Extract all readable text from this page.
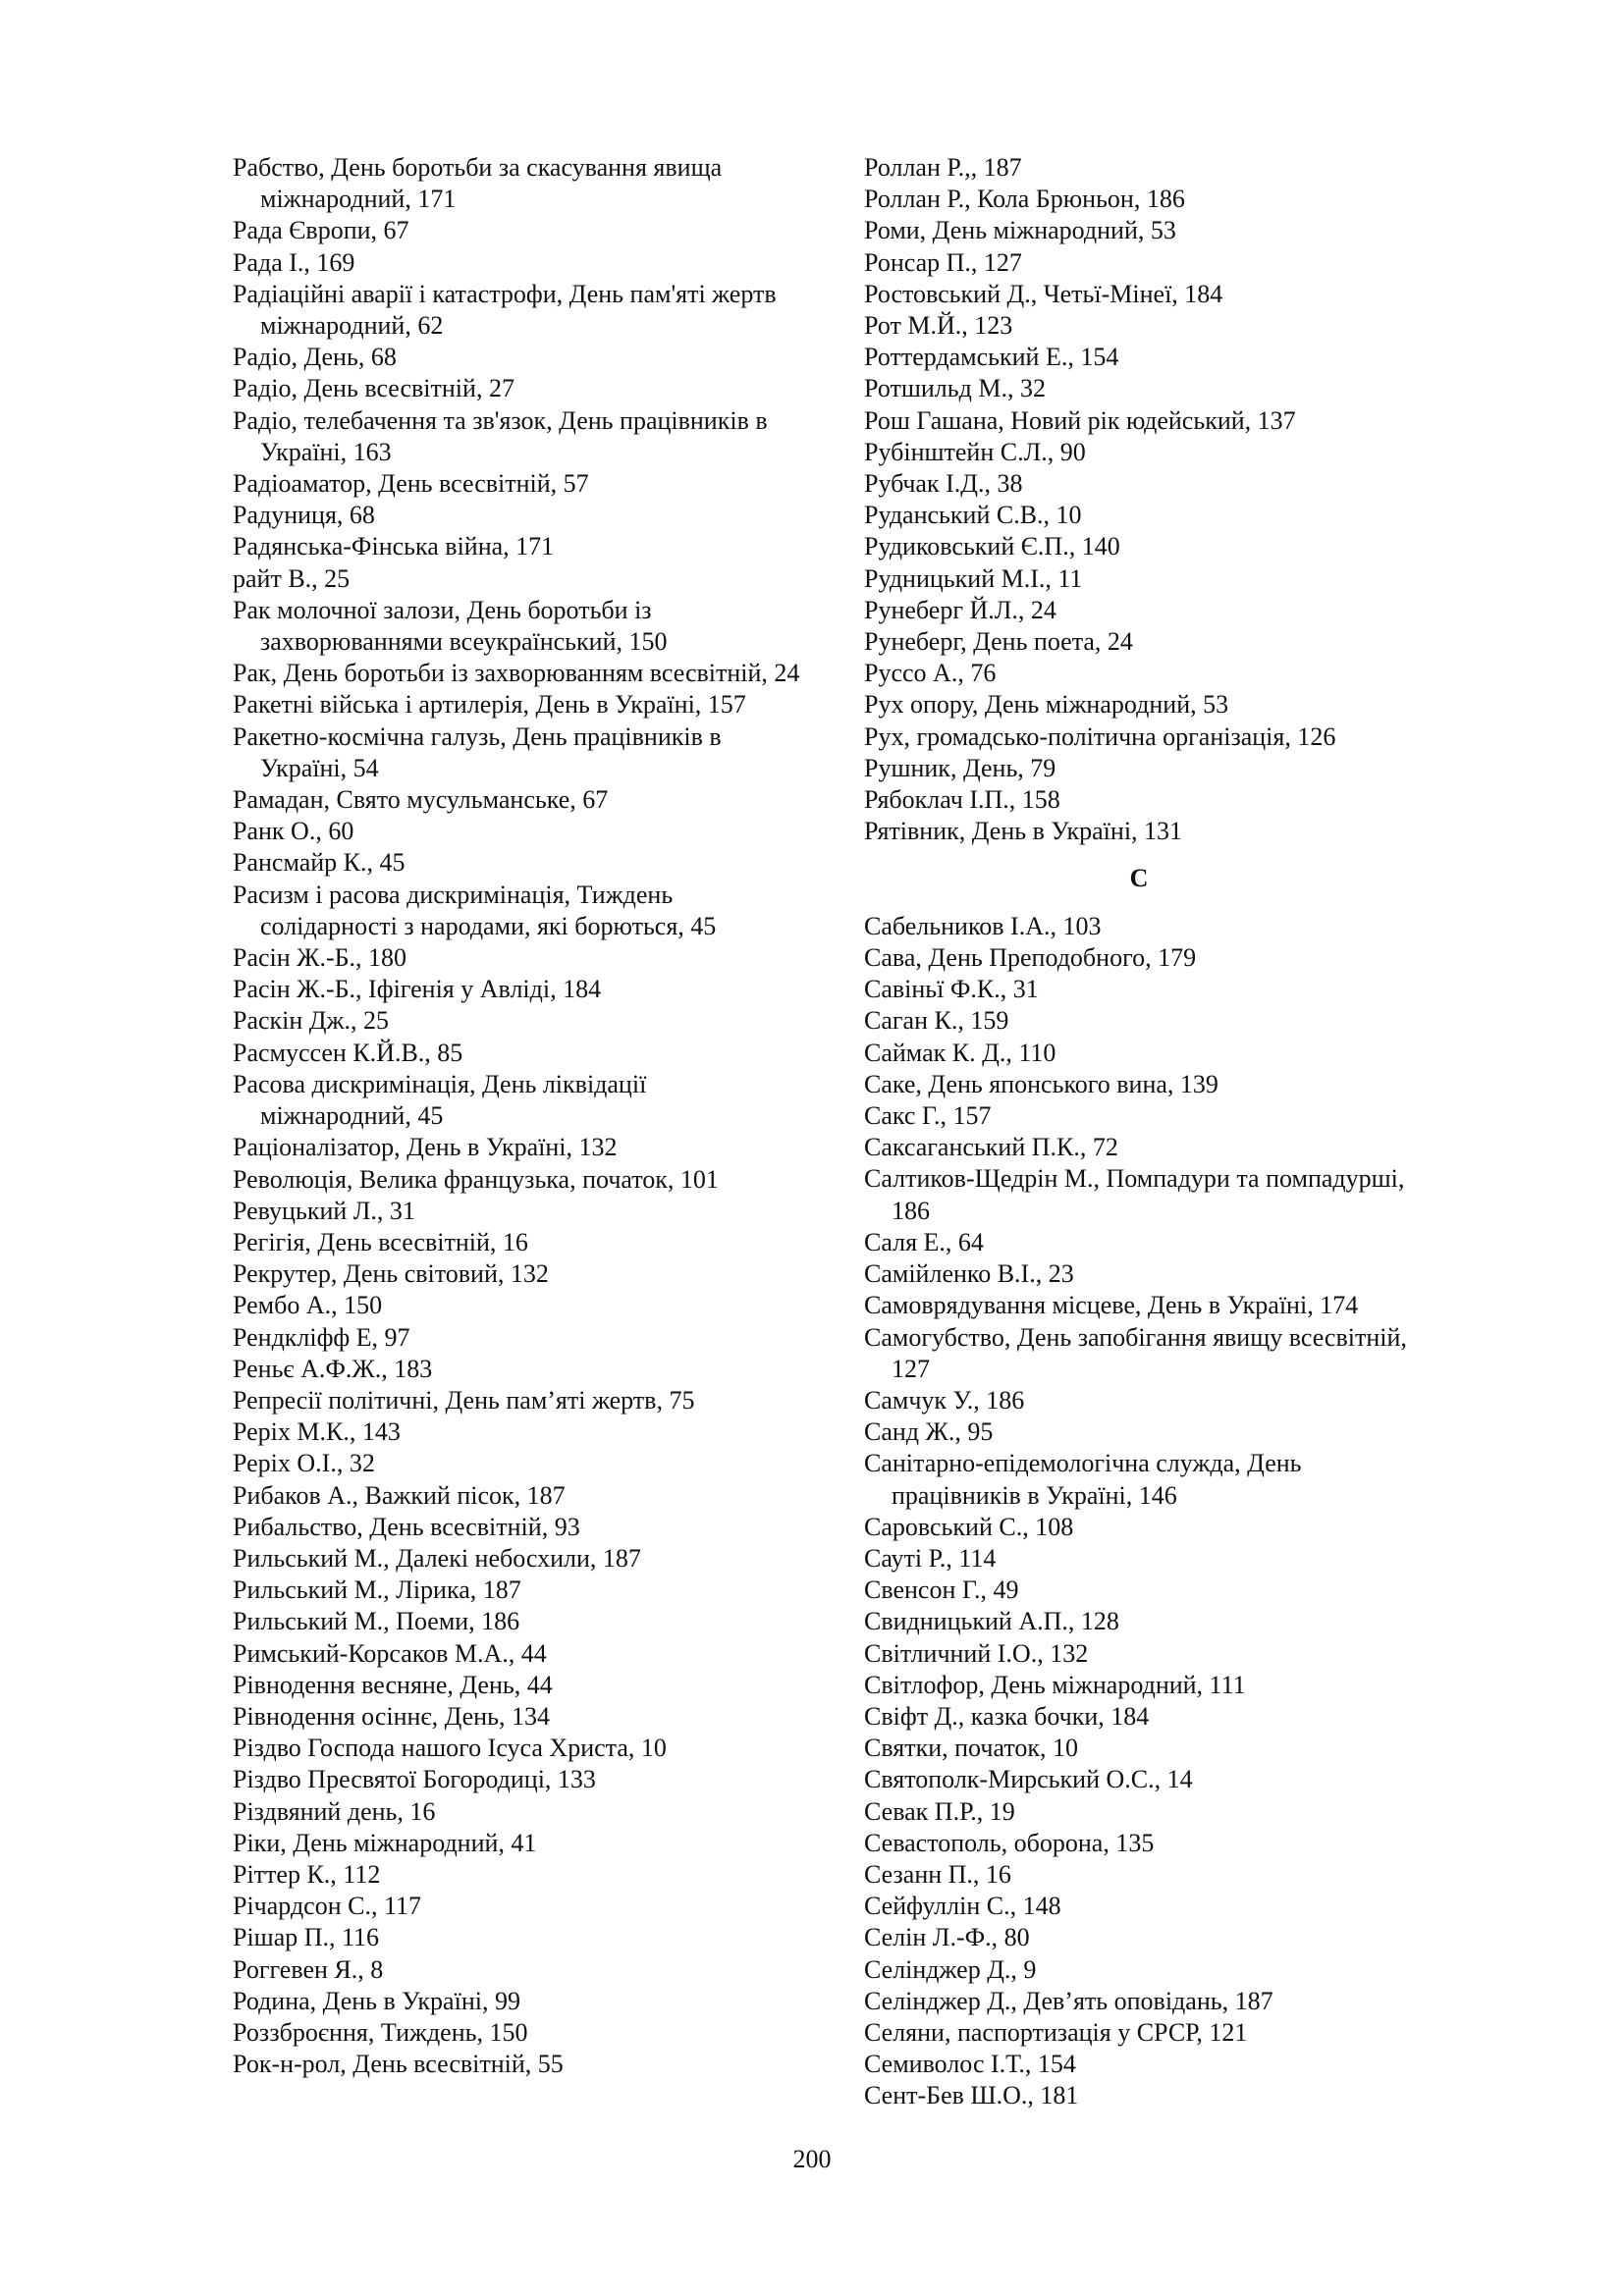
Рабство, День боротьби за скасування явища міжнародний, 171

Рада Європи, 67

Рада І., 169

Радіаційні аварії і катастрофи, День пам'яті жертв міжнародний, 62

Радіо, День, 68

Радіо, День всесвітній, 27

Радіо, телебачення та зв'язок, День працівників в Україні, 163

Радіоаматор, День всесвітній, 57

Радуниця, 68

Радянська-Фінська війна, 171

райт В., 25

Рак молочної залози, День боротьби із захворюваннями всеукраїнський, 150

Рак, День боротьби із захворюванням всесвітній, 24

Ракетні війська і артилерія, День в Україні, 157

Ракетно-космічна галузь, День працівників в Україні, 54

Рамадан, Свято мусульманське, 67

Ранк О., 60

Рансмайр К., 45

Расизм і расова дискримінація, Тиждень солідарності з народами, які борються, 45

Расін Ж.-Б., 180

Расін Ж.-Б., Іфігенія у Авліді, 184

Раскін Дж., 25

Расмуссен К.Й.В., 85

Расова дискримінація, День ліквідації міжнародний, 45

Раціоналізатор, День в Україні, 132

Революція, Велика французька, початок, 101

Ревуцький Л., 31

Регігія, День всесвітній, 16

Рекрутер, День світовий, 132

Рембо А., 150

Рендкліфф Е, 97

Реньє А.Ф.Ж., 183

Репресії політичні, День пам’яті жертв, 75

Реріх М.К., 143

Реріх О.І., 32

Рибаков А., Важкий пісок, 187

Рибальство, День всесвітній, 93

Рильський М., Далекі небосхили, 187

Рильський М., Лірика, 187

Рильський М., Поеми, 186

Римський-Корсаков М.А., 44

Рівнодення весняне, День, 44

Рівнодення осіннє, День, 134

Різдво Господа нашого Ісуса Христа, 10

Різдво Пресвятої Богородиці, 133

Різдвяний день, 16

Ріки, День міжнародний, 41

Ріттер К., 112

Річардсон С., 117

Рішар П., 116

Роггевен Я., 8

Родина, День в Україні, 99

Роззброєння, Тиждень, 150

Рок-н-рол, День всесвітній, 55

Роллан Р.,, 187

Роллан Р., Кола Брюньон, 186

Роми, День міжнародний, 53

Ронсар П., 127

Ростовський Д., Четьї-Мінеї, 184

Рот М.Й., 123

Роттердамський Е., 154

Ротшильд М., 32

Рош Гашана, Новий рік юдейський, 137

Рубінштейн С.Л., 90

Рубчак І.Д., 38

Руданський С.В., 10

Рудиковський Є.П., 140

Рудницький М.І., 11

Рунеберг Й.Л., 24

Рунеберг, День поета, 24

Руссо А., 76

Рух опору, День міжнародний, 53

Рух, громадсько-політична організація, 126

Рушник, День, 79

Рябоклач І.П., 158

Рятівник, День в Україні, 131

С

Сабельников І.А., 103

Сава, День Преподобного, 179

Савіньї Ф.К., 31

Саган К., 159

Саймак К. Д., 110

Саке, День японського вина, 139

Сакс Г., 157

Саксаганський П.К., 72

Салтиков-Щедрін М., Помпадури та помпадурші, 186

Саля Е., 64

Самійленко В.І., 23

Самоврядування місцеве, День в Україні, 174

Самогубство, День запобігання явищу всесвітній, 127

Самчук У., 186

Санд Ж., 95

Санітарно-епідемологічна служда, День працівників в Україні, 146

Саровський С., 108

Сауті Р., 114

Свенсон Г., 49

Свидницький А.П., 128

Світличний І.О., 132

Світлофор, День міжнародний, 111

Свіфт Д., казка бочки, 184

Святки, початок, 10

Святополк-Мирський О.С., 14

Севак П.Р., 19

Севастополь, оборона, 135

Сезанн П., 16

Сейфуллін С., 148

Селін Л.-Ф., 80

Селінджер Д., 9

Селінджер Д., Дев’ять оповідань, 187

Селяни, паспортизація у СРСР, 121

Семиволос І.Т., 154

Сент-Бев Ш.О., 181

200
